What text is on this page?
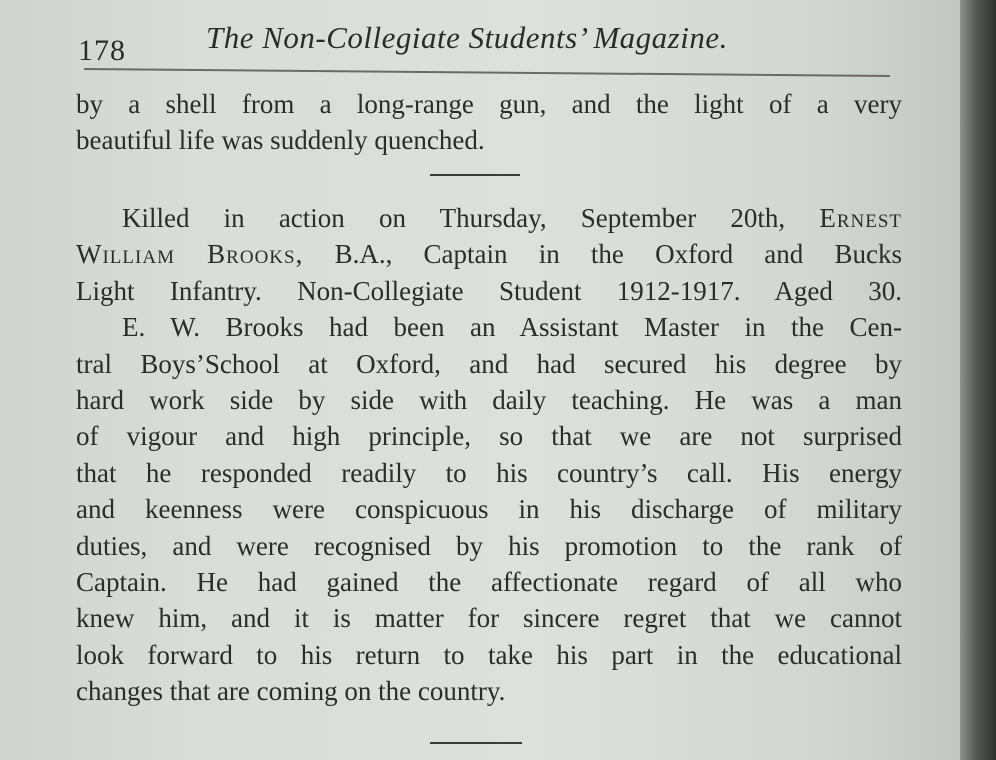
178	The Non-Collegiate Students’ Magazine.
by a shell from a long-range gun, and the light of a very
beautiful life was suddenly quenched.
Killed in action on Thursday, September 20th, Ernest
William Brooks, B.A., Captain in the Oxford and Bucks
Light Infantry. Non-Collegiate Student 1912-1917. Aged 30.
E. W. Brooks had been an Assistant Master in the Cen-
tral Boys’School at Oxford, and had secured his degree by
hard work side by side with daily teaching. He was a man
of vigour and high principle, so that we are not surprised
that he responded readily to his country’s call. His energy
and keenness were conspicuous in his discharge of military
duties, and were recognised by his promotion to the rank of
Captain. He had gained the affectionate regard of all who
knew him, and it is matter for sincere regret that we cannot
look forward to his return to take his part in the educational
changes that are coming on the country.
